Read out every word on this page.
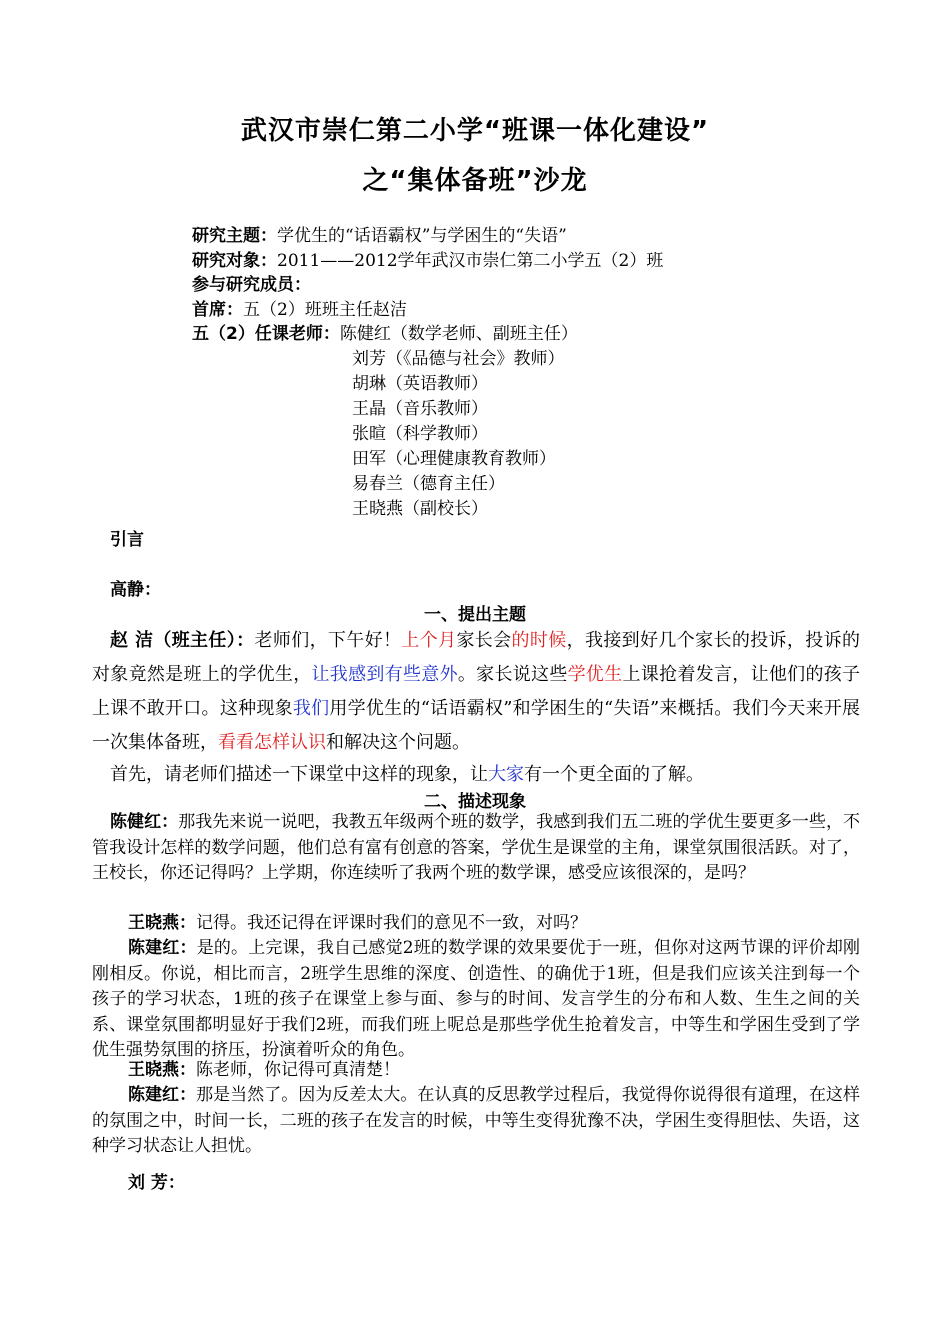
武汉市崇仁第二小学“班课一体化建设”
之“集体备班”沙龙
研究主题：学优生的“话语霸权”与学困生的“失语”
研究对象：2011——2012学年武汉市崇仁第二小学五（2）班
参与研究成员：
首席：五（2）班班主任赵洁
五（2）任课老师：陈健红（数学老师、副班主任）
刘芳（《品德与社会》教师）
胡琳（英语教师）
王晶（音乐教师）
张暄（科学教师）
田军（心理健康教育教师）
易春兰（德育主任）
王晓燕（副校长）
引言
高静：
一、提出主题
赵 洁（班主任）：老师们，下午好！上个月家长会的时候，我接到好几个家长的投诉，投诉的对象竟然是班上的学优生，让我感到有些意外。家长说这些学优生上课抢着发言，让他们的孩子上课不敢开口。这种现象我们用学优生的“话语霸权”和学困生的“失语”来概括。我们今天来开展一次集体备班，看看怎样认识和解决这个问题。
首先，请老师们描述一下课堂中这样的现象，让大家有一个更全面的了解。
二、描述现象
陈健红：那我先来说一说吧，我教五年级两个班的数学，我感到我们五二班的学优生要更多一些，不管我设计怎样的数学问题，他们总有富有创意的答案，学优生是课堂的主角，课堂氛围很活跃。对了，王校长，你还记得吗？上学期，你连续听了我两个班的数学课，感受应该很深的，是吗？
王晓燕：记得。我还记得在评课时我们的意见不一致，对吗？
陈建红：是的。上完课，我自己感觉2班的数学课的效果要优于一班，但你对这两节课的评价却刚刚相反。你说，相比而言，2班学生思维的深度、创造性、的确优于1班，但是我们应该关注到每一个孩子的学习状态，1班的孩子在课堂上参与面、参与的时间、发言学生的分布和人数、生生之间的关系、课堂氛围都明显好于我们2班，而我们班上呢总是那些学优生抢着发言，中等生和学困生受到了学优生强势氛围的挤压，扮演着听众的角色。
王晓燕：陈老师，你记得可真清楚！
陈建红：那是当然了。因为反差太大。在认真的反思教学过程后，我觉得你说得很有道理，在这样的氛围之中，时间一长，二班的孩子在发言的时候，中等生变得犹豫不决，学困生变得胆怯、失语，这种学习状态让人担忧。
刘 芳：
